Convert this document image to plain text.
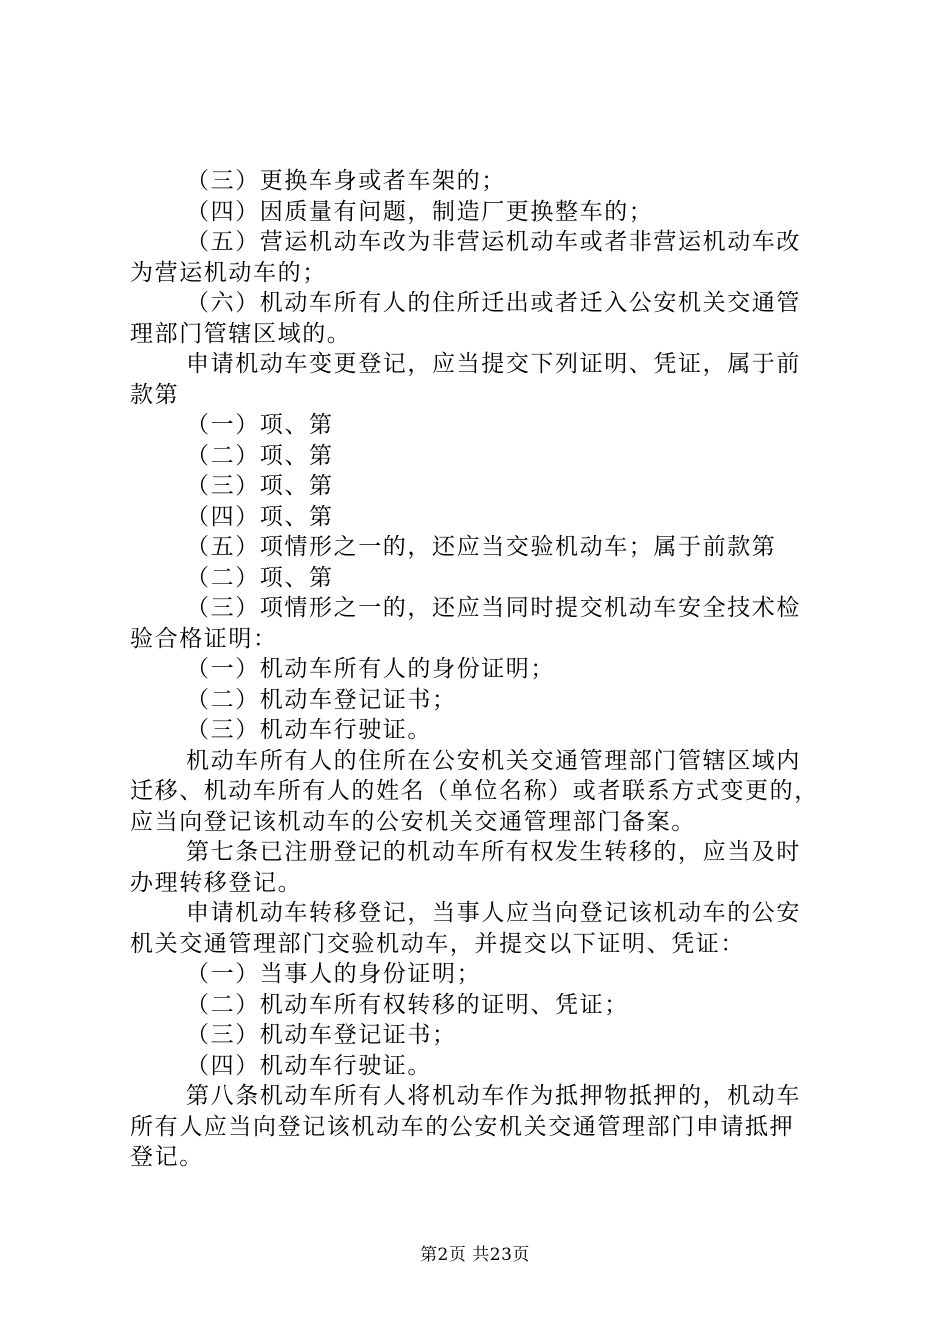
（三）更换车身或者车架的；
（四）因质量有问题，制造厂更换整车的；
（五）营运机动车改为非营运机动车或者非营运机动车改
为营运机动车的；
（六）机动车所有人的住所迁出或者迁入公安机关交通管
理部门管辖区域的。
申请机动车变更登记，应当提交下列证明、凭证，属于前
款第
（一）项、第
（二）项、第
（三）项、第
（四）项、第
（五）项情形之一的，还应当交验机动车；属于前款第
（二）项、第
（三）项情形之一的，还应当同时提交机动车安全技术检
验合格证明：
（一）机动车所有人的身份证明；
（二）机动车登记证书；
（三）机动车行驶证。
机动车所有人的住所在公安机关交通管理部门管辖区域内
迁移、机动车所有人的姓名（单位名称）或者联系方式变更的，
应当向登记该机动车的公安机关交通管理部门备案。
第七条已注册登记的机动车所有权发生转移的，应当及时
办理转移登记。
申请机动车转移登记，当事人应当向登记该机动车的公安
机关交通管理部门交验机动车，并提交以下证明、凭证：
（一）当事人的身份证明；
（二）机动车所有权转移的证明、凭证；
（三）机动车登记证书；
（四）机动车行驶证。
第八条机动车所有人将机动车作为抵押物抵押的，机动车
所有人应当向登记该机动车的公安机关交通管理部门申请抵押
登记。
第2页 共23页
